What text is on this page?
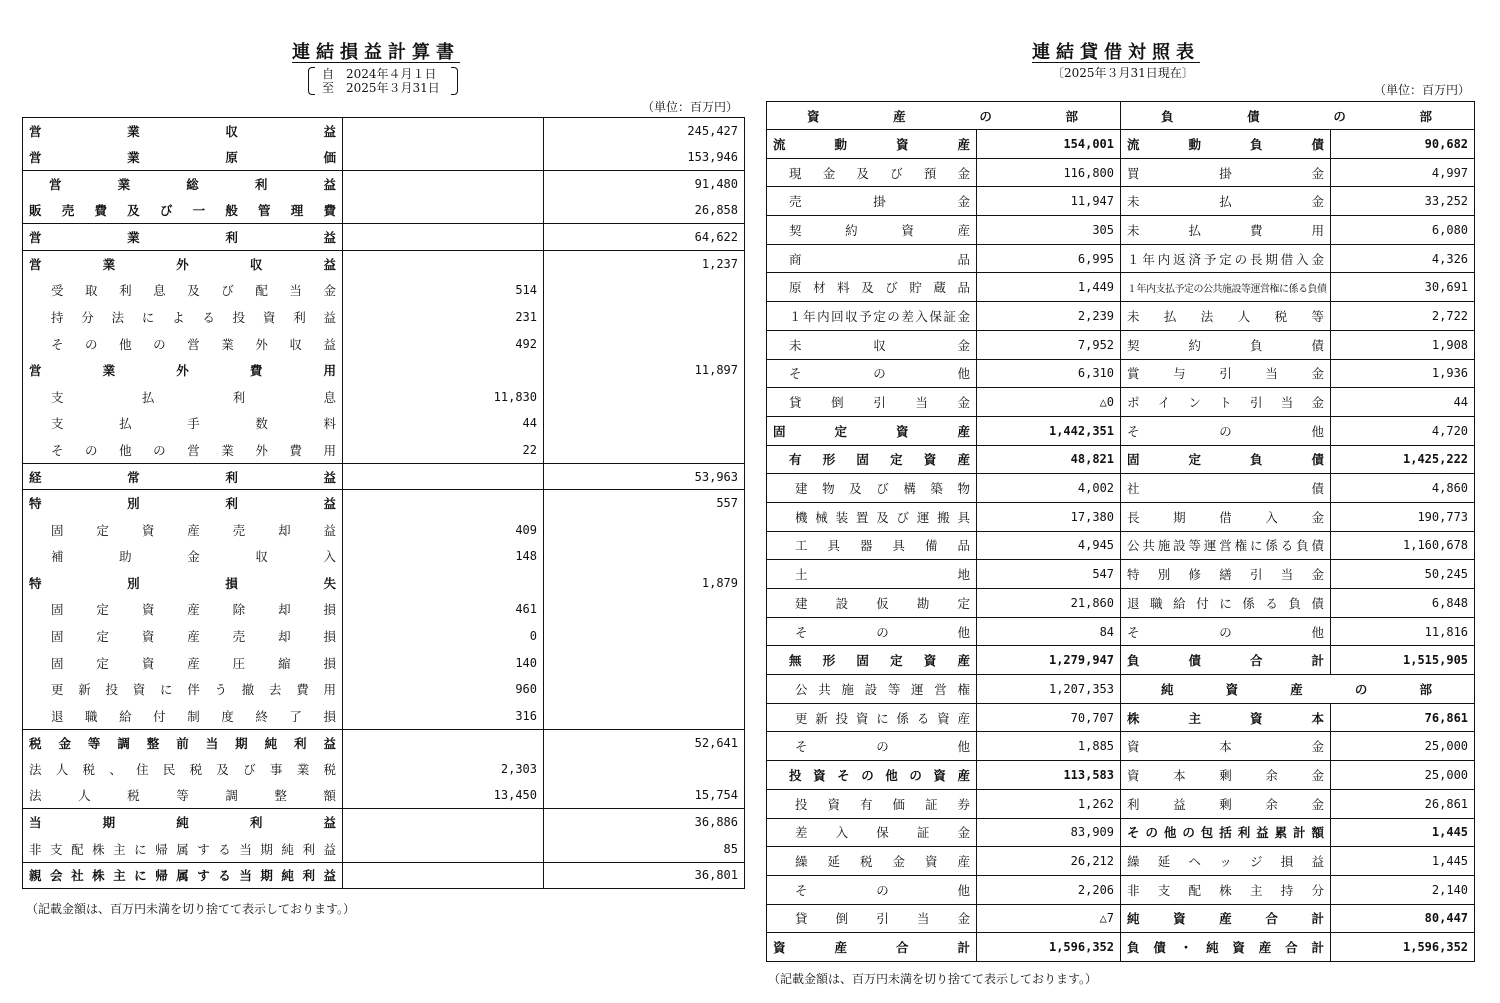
連結損益計算書
自　2024年４月１日
至　2025年３月31日
（単位：百万円）
営業収益		245,427
営業原価		153,946
営業総利益		91,480
販売費及び一般管理費		26,858
営業利益		64,622
営業外収益		1,237
受取利息及び配当金	514	
持分法による投資利益	231	
その他の営業外収益	492	
営業外費用		11,897
支払利息	11,830	
支払手数料	44	
その他の営業外費用	22	
経常利益		53,963
特別利益		557
固定資産売却益	409	
補助金収入	148	
特別損失		1,879
固定資産除却損	461	
固定資産売却損	0	
固定資産圧縮損	140	
更新投資に伴う撤去費用	960	
退職給付制度終了損	316	
税金等調整前当期純利益		52,641
法人税、住民税及び事業税	2,303	
法人税等調整額	13,450	15,754
当期純利益		36,886
非支配株主に帰属する当期純利益		85
親会社株主に帰属する当期純利益		36,801
（記載金額は、百万円未満を切り捨てて表示しております。）
連結貸借対照表
〔2025年３月31日現在〕
（単位：百万円）
資産の部		負債の部	
流動資産	154,001	流動負債	90,682
現金及び預金	116,800	買掛金	4,997
売掛金	11,947	未払金	33,252
契約資産	305	未払費用	6,080
商品	6,995	１年内返済予定の長期借入金	4,326
原材料及び貯蔵品	1,449	１年内支払予定の公共施設等運営権に係る負債	30,691
１年内回収予定の差入保証金	2,239	未払法人税等	2,722
未収金	7,952	契約負債	1,908
その他	6,310	賞与引当金	1,936
貸倒引当金	△0	ポイント引当金	44
固定資産	1,442,351	その他	4,720
有形固定資産	48,821	固定負債	1,425,222
建物及び構築物	4,002	社債	4,860
機械装置及び運搬具	17,380	長期借入金	190,773
工具器具備品	4,945	公共施設等運営権に係る負債	1,160,678
土地	547	特別修繕引当金	50,245
建設仮勘定	21,860	退職給付に係る負債	6,848
その他	84	その他	11,816
無形固定資産	1,279,947	負債合計	1,515,905
公共施設等運営権	1,207,353	純資産の部	
更新投資に係る資産	70,707	株主資本	76,861
その他	1,885	資本金	25,000
投資その他の資産	113,583	資本剰余金	25,000
投資有価証券	1,262	利益剰余金	26,861
差入保証金	83,909	その他の包括利益累計額	1,445
繰延税金資産	26,212	繰延ヘッジ損益	1,445
その他	2,206	非支配株主持分	2,140
貸倒引当金	△7	純資産合計	80,447
資産合計	1,596,352	負債・純資産合計	1,596,352
（記載金額は、百万円未満を切り捨てて表示しております。）
